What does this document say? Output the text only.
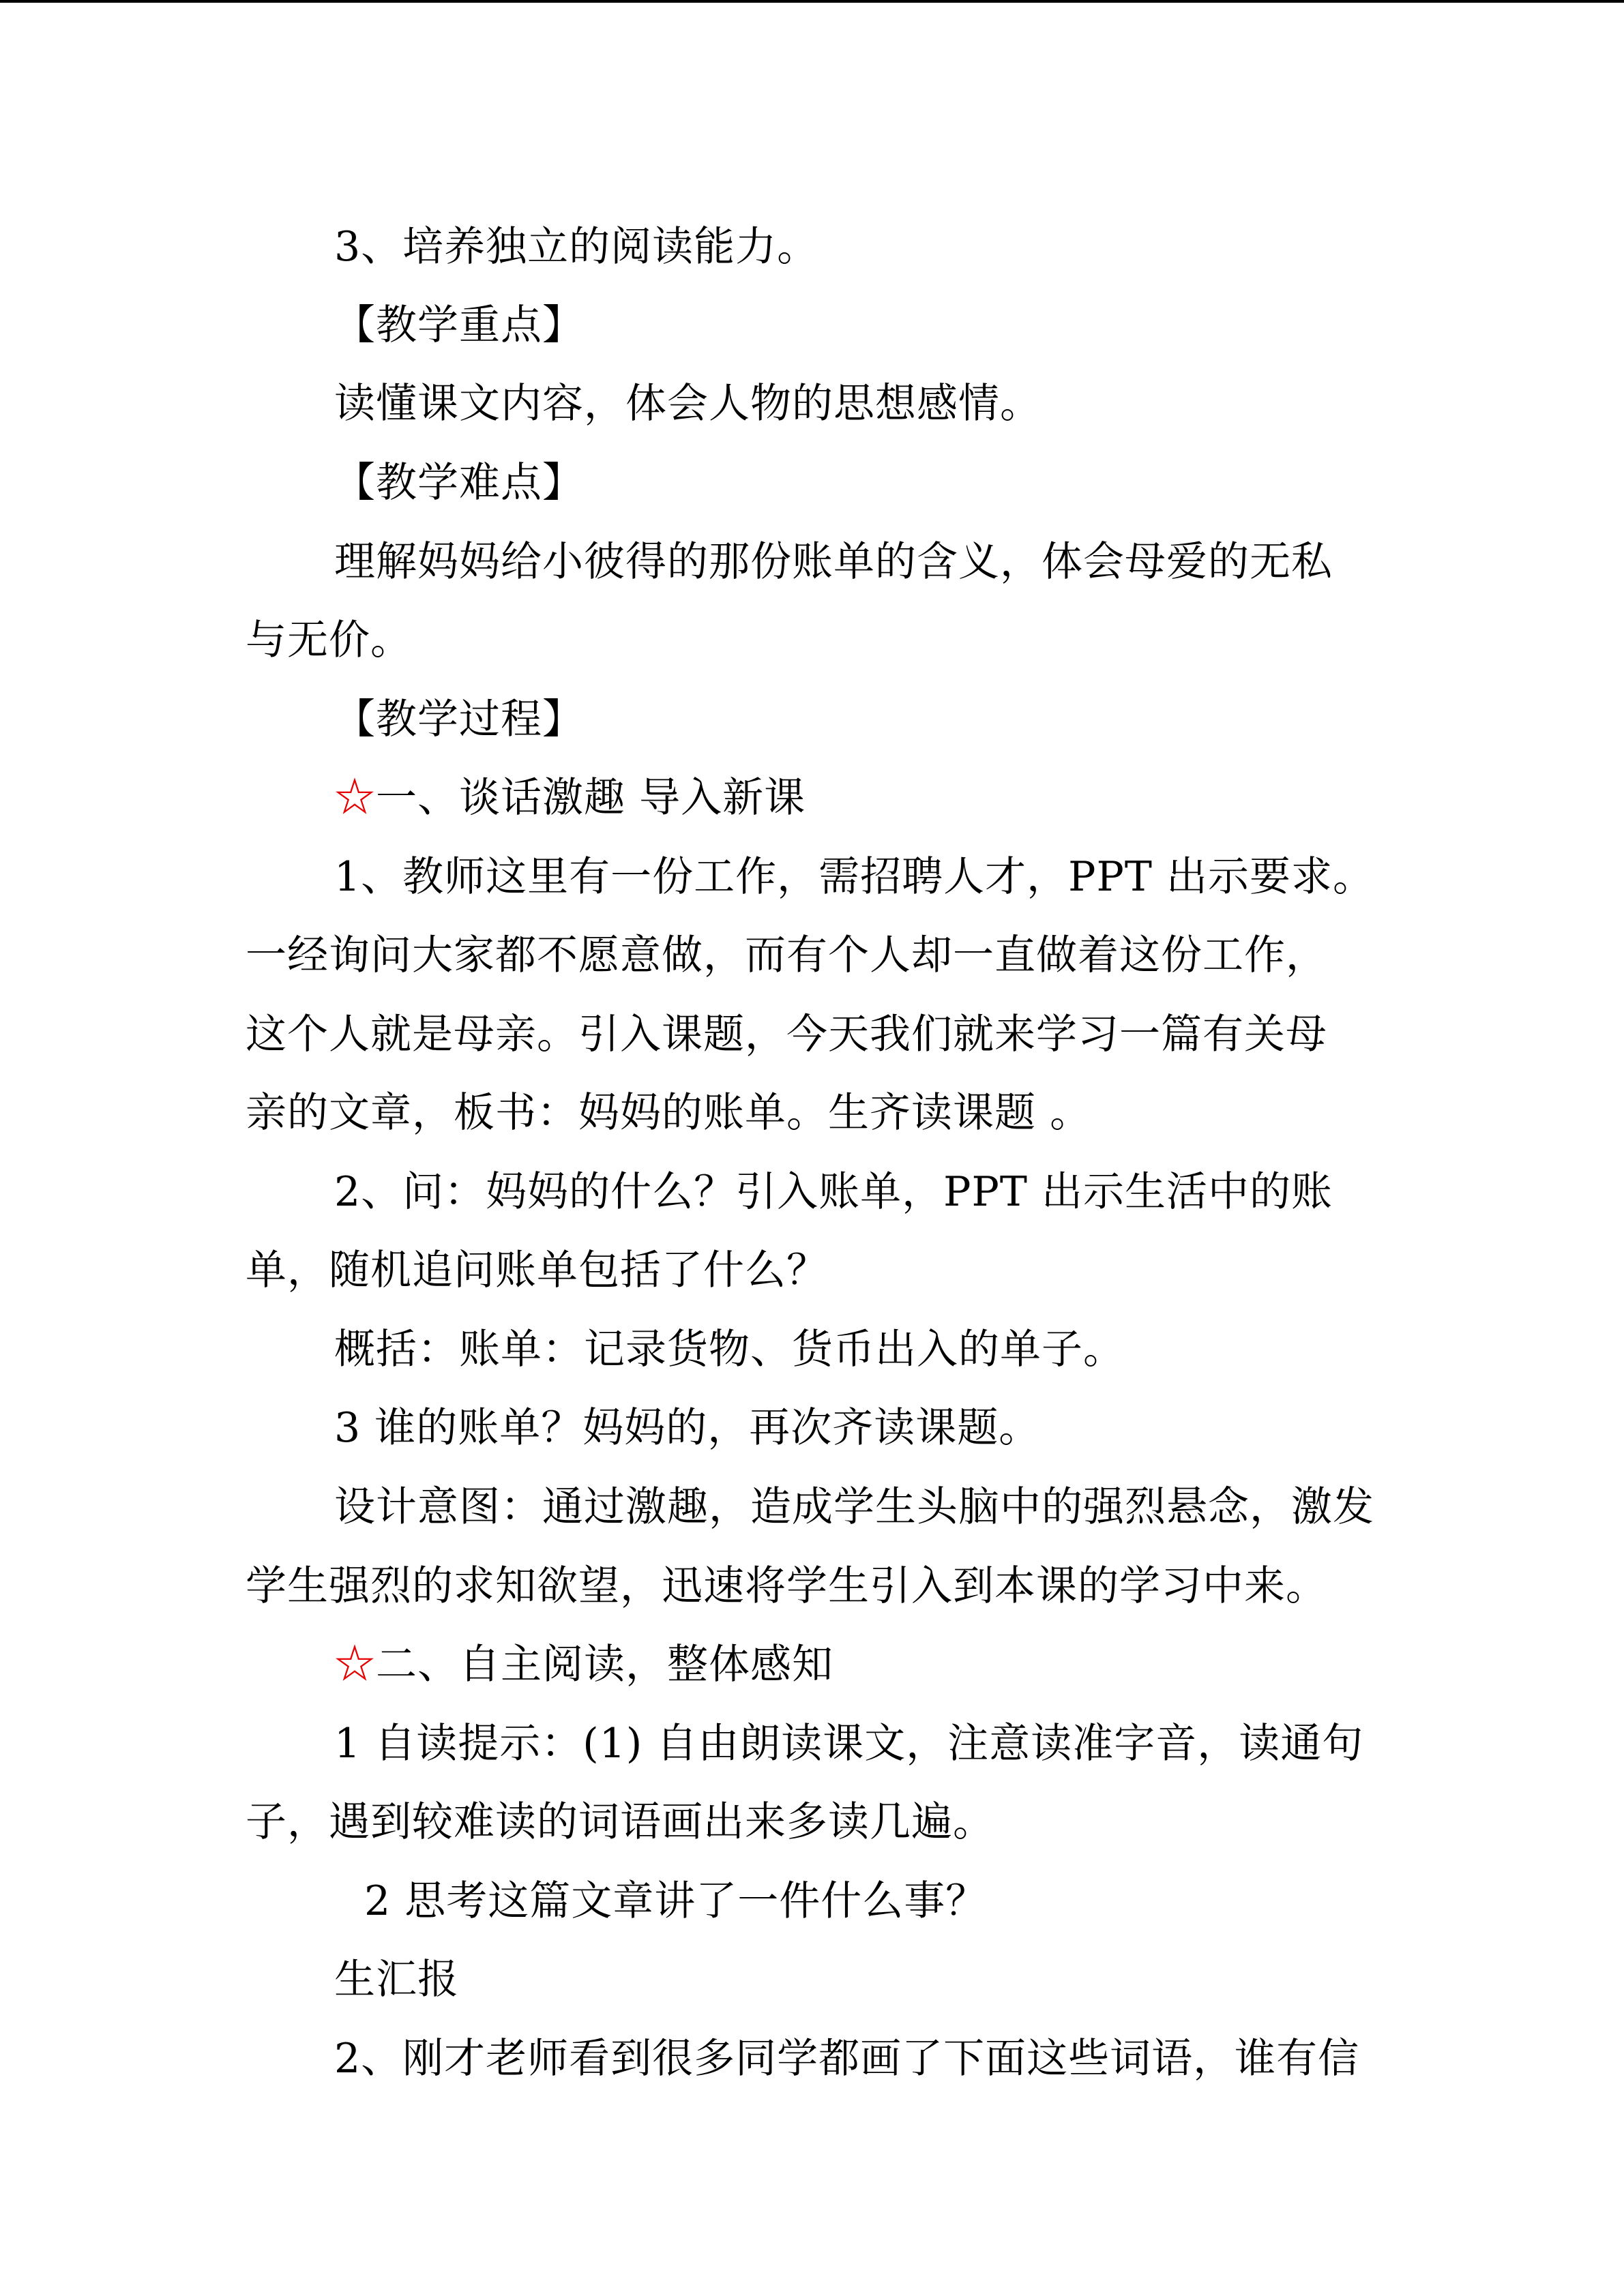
3、培养独立的阅读能力。
【教学重点】
读懂课文内容，体会人物的思想感情。
【教学难点】
理解妈妈给小彼得的那份账单的含义，体会母爱的无私
与无价。
【教学过程】
☆一、谈话激趣 导入新课
1、教师这里有一份工作，需招聘人才，PPT 出示要求。
一经询问大家都不愿意做，而有个人却一直做着这份工作，
这个人就是母亲。引入课题，今天我们就来学习一篇有关母
亲的文章，板书：妈妈的账单。生齐读课题 。
2、问：妈妈的什么？引入账单，PPT 出示生活中的账
单，随机追问账单包括了什么？
概括：账单：记录货物、货币出入的单子。
3 谁的账单？妈妈的，再次齐读课题。
设计意图：通过激趣，造成学生头脑中的强烈悬念，激发
学生强烈的求知欲望，迅速将学生引入到本课的学习中来。
☆二、自主阅读，整体感知
1 自读提示：(1) 自由朗读课文，注意读准字音，读通句
子，遇到较难读的词语画出来多读几遍。
2 思考这篇文章讲了一件什么事？
生汇报
2、刚才老师看到很多同学都画了下面这些词语，谁有信
